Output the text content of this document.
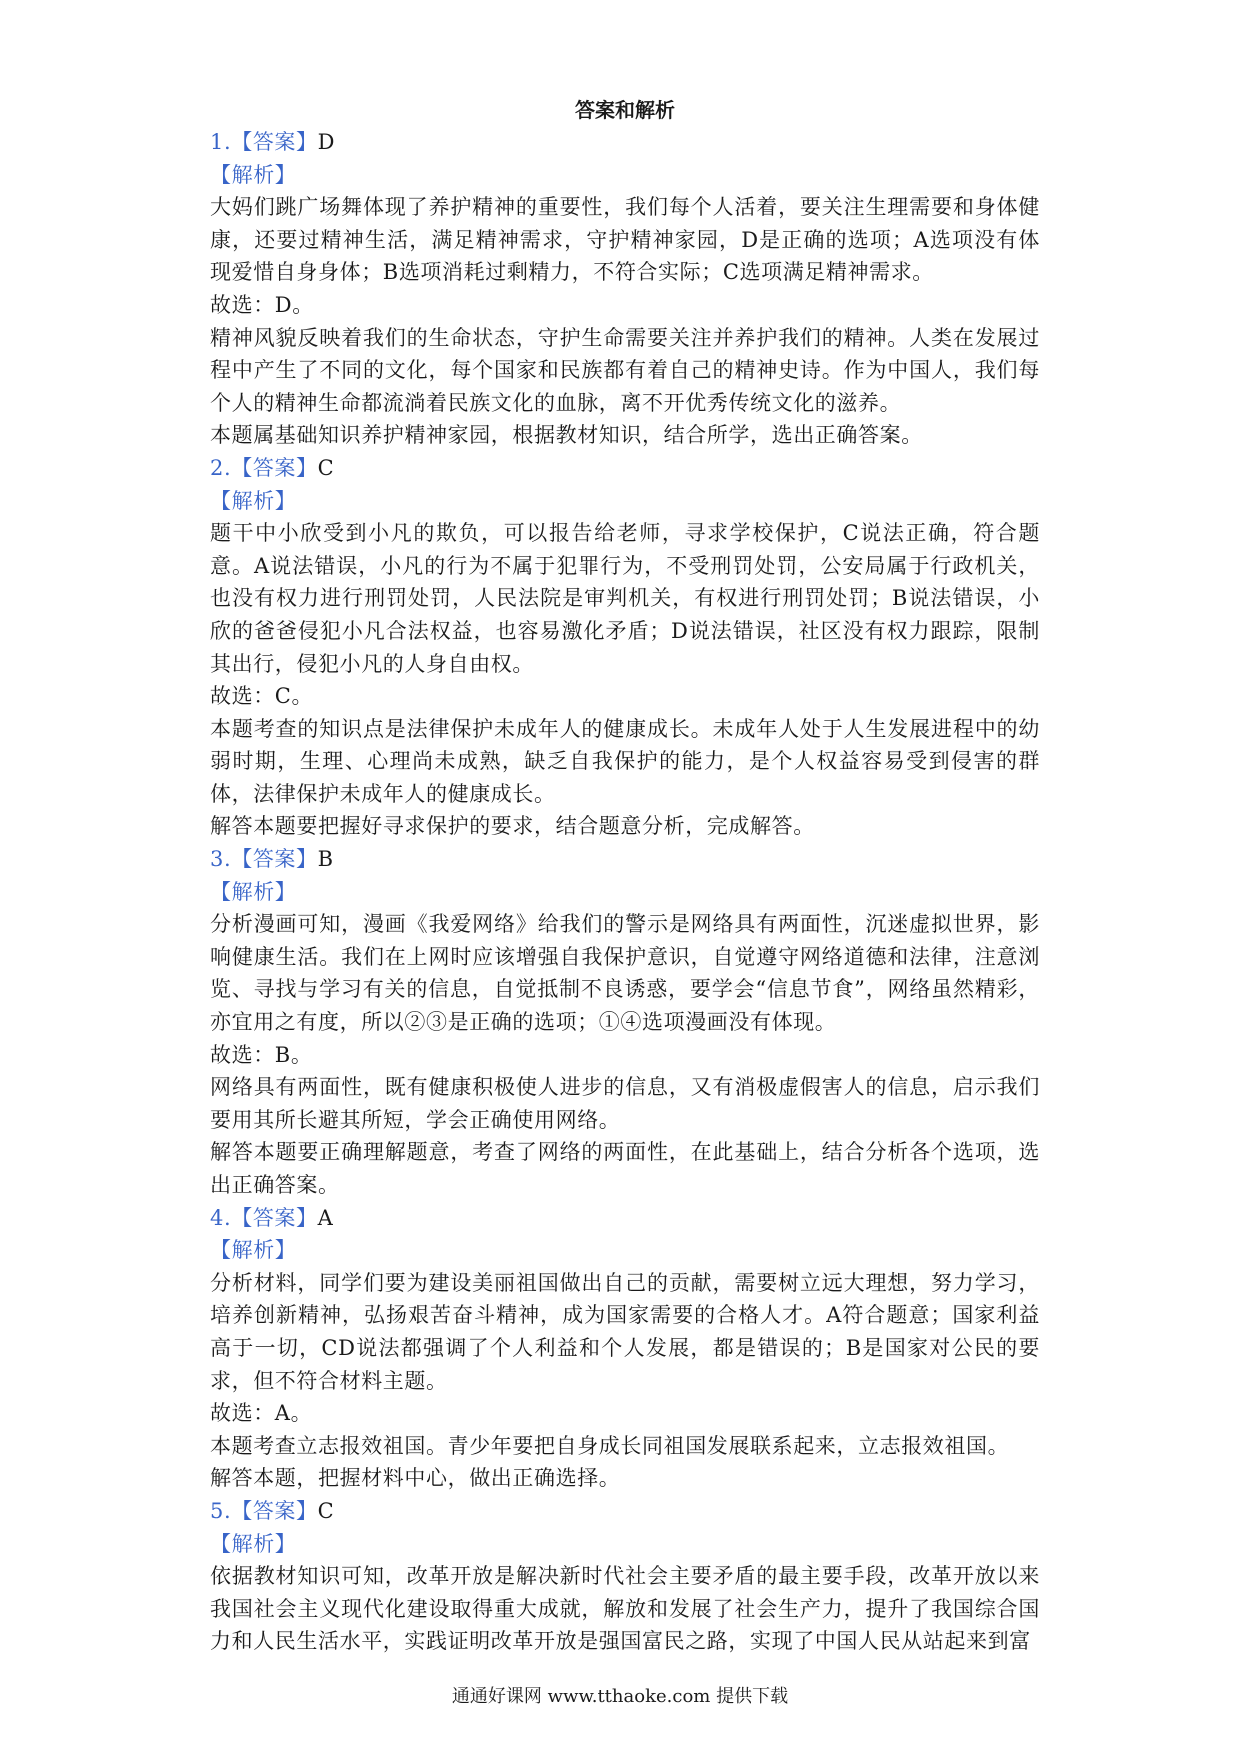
答案和解析
1.【答案】D
【解析】
大妈们跳广场舞体现了养护精神的重要性，我们每个人活着，要关注生理需要和身体健康，还要过精神生活，满足精神需求，守护精神家园，D是正确的选项；A选项没有体现爱惜自身身体；B选项消耗过剩精力，不符合实际；C选项满足精神需求。
故选：D。
精神风貌反映着我们的生命状态，守护生命需要关注并养护我们的精神。人类在发展过程中产生了不同的文化，每个国家和民族都有着自己的精神史诗。作为中国人，我们每个人的精神生命都流淌着民族文化的血脉，离不开优秀传统文化的滋养。
本题属基础知识养护精神家园，根据教材知识，结合所学，选出正确答案。
2.【答案】C
【解析】
题干中小欣受到小凡的欺负，可以报告给老师，寻求学校保护，C说法正确，符合题意。A说法错误，小凡的行为不属于犯罪行为，不受刑罚处罚，公安局属于行政机关，也没有权力进行刑罚处罚，人民法院是审判机关，有权进行刑罚处罚；B说法错误，小欣的爸爸侵犯小凡合法权益，也容易激化矛盾；D说法错误，社区没有权力跟踪，限制其出行，侵犯小凡的人身自由权。
故选：C。
本题考查的知识点是法律保护未成年人的健康成长。未成年人处于人生发展进程中的幼弱时期，生理、心理尚未成熟，缺乏自我保护的能力，是个人权益容易受到侵害的群体，法律保护未成年人的健康成长。
解答本题要把握好寻求保护的要求，结合题意分析，完成解答。
3.【答案】B
【解析】
分析漫画可知，漫画《我爱网络》给我们的警示是网络具有两面性，沉迷虚拟世界，影响健康生活。我们在上网时应该增强自我保护意识，自觉遵守网络道德和法律，注意浏览、寻找与学习有关的信息，自觉抵制不良诱惑，要学会“信息节食”，网络虽然精彩，亦宜用之有度，所以②③是正确的选项；①④选项漫画没有体现。
故选：B。
网络具有两面性，既有健康积极使人进步的信息，又有消极虚假害人的信息，启示我们要用其所长避其所短，学会正确使用网络。
解答本题要正确理解题意，考查了网络的两面性，在此基础上，结合分析各个选项，选出正确答案。
4.【答案】A
【解析】
分析材料，同学们要为建设美丽祖国做出自己的贡献，需要树立远大理想，努力学习，培养创新精神，弘扬艰苦奋斗精神，成为国家需要的合格人才。A符合题意；国家利益高于一切，CD说法都强调了个人利益和个人发展，都是错误的；B是国家对公民的要求，但不符合材料主题。
故选：A。
本题考查立志报效祖国。青少年要把自身成长同祖国发展联系起来，立志报效祖国。
解答本题，把握材料中心，做出正确选择。
5.【答案】C
【解析】
依据教材知识可知，改革开放是解决新时代社会主要矛盾的最主要手段，改革开放以来我国社会主义现代化建设取得重大成就，解放和发展了社会生产力，提升了我国综合国力和人民生活水平，实践证明改革开放是强国富民之路，实现了中国人民从站起来到富
通通好课网 www.tthaoke.com 提供下载
